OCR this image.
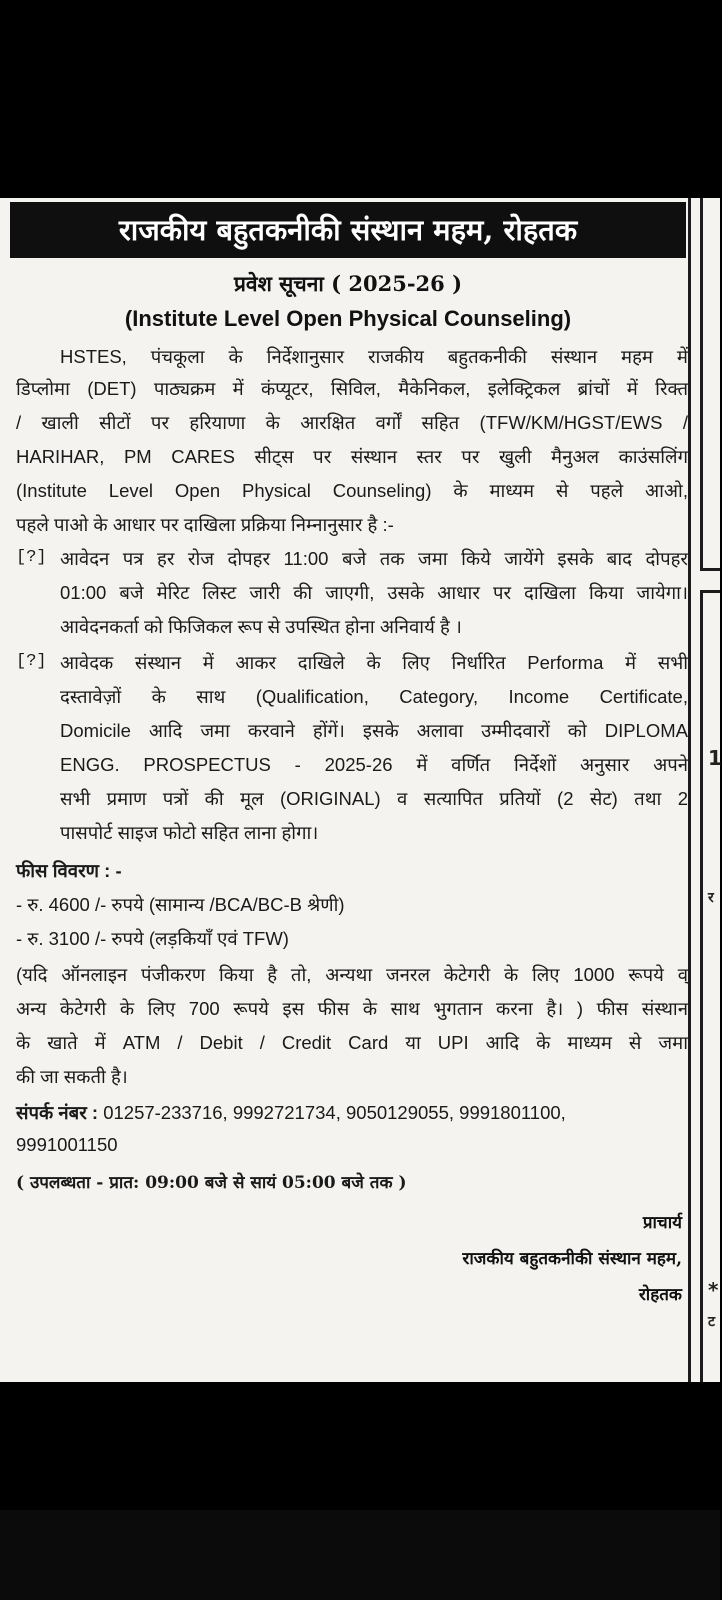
1
र
*
ट
राजकीय बहुतकनीकी संस्थान महम, रोहतक
प्रवेश सूचना ( 2025-26 )
(Institute Level Open Physical Counseling)
HSTES, पंचकूला के निर्देशानुसार राजकीय बहुतकनीकी संस्थान महम में
डिप्लोमा (DET) पाठ्यक्रम में कंप्यूटर, सिविल, मैकेनिकल, इलेक्ट्रिकल ब्रांचों में रिक्त
/ खाली सीटों पर हरियाणा के आरक्षित वर्गों सहित (TFW/KM/HGST/EWS /
HARIHAR, PM CARES सीट्स पर संस्थान स्तर पर खुली मैनुअल काउंसलिंग
(Institute Level Open Physical Counseling) के माध्यम से पहले आओ,
पहले पाओ के आधार पर दाखिला प्रक्रिया निम्नानुसार है :-
[?] आवेदन पत्र हर रोज दोपहर 11:00 बजे तक जमा किये जायेंगे इसके बाद दोपहर
01:00 बजे मेरिट लिस्ट जारी की जाएगी, उसके आधार पर दाखिला किया जायेगा।
आवेदनकर्ता को फिजिकल रूप से उपस्थित होना अनिवार्य है ।
[?] आवेदक संस्थान में आकर दाखिले के लिए निर्धारित Performa में सभी
दस्तावेज़ों के साथ (Qualification, Category, Income Certificate,
Domicile आदि जमा करवाने होंगें। इसके अलावा उम्मीदवारों को DIPLOMA
ENGG. PROSPECTUS - 2025-26 में वर्णित निर्देशों अनुसार अपने
सभी प्रमाण पत्रों की मूल (ORIGINAL) व सत्यापित प्रतियों (2 सेट) तथा 2
पासपोर्ट साइज फोटो सहित लाना होगा।
फीस विवरण : -
- रु. 4600 /- रुपये (सामान्य /BCA/BC-B श्रेणी)
- रु. 3100 /- रुपये (लड़कियाँ एवं TFW)
(यदि ऑनलाइन पंजीकरण किया है तो, अन्यथा जनरल केटेगरी के लिए 1000 रूपये व्
अन्य केटेगरी के लिए 700 रूपये इस फीस के साथ भुगतान करना है। ) फीस संस्थान
के खाते में ATM / Debit / Credit Card या UPI आदि के माध्यम से जमा
की जा सकती है।
संपर्क नंबर : 01257-233716, 9992721734, 9050129055, 9991801100,
9991001150
( उपलब्धता - प्रात: 09:00 बजे से सायं 05:00 बजे तक )
प्राचार्य
राजकीय बहुतकनीकी संस्थान महम,
रोहतक
